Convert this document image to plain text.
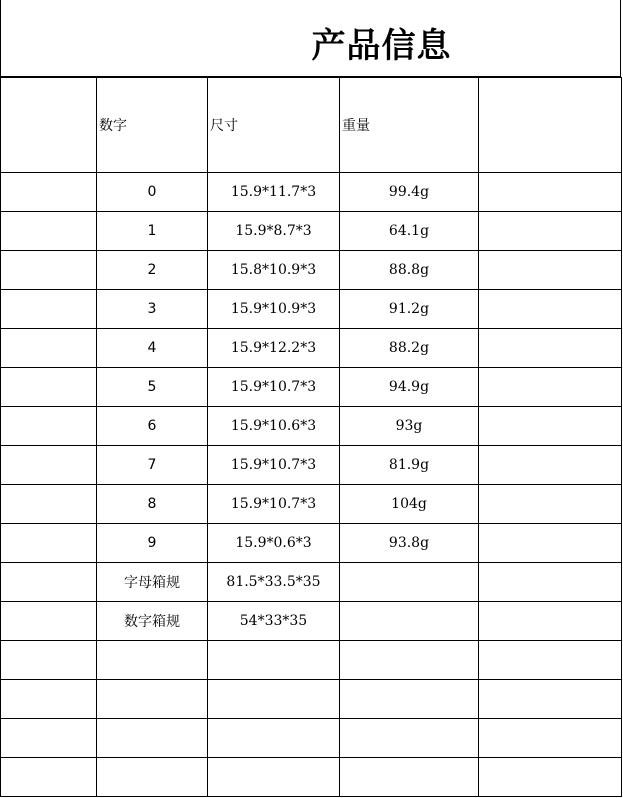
产品信息
	数字	尺寸	重量	
	0	15.9*11.7*3	99.4g	
	1	15.9*8.7*3	64.1g	
	2	15.8*10.9*3	88.8g	
	3	15.9*10.9*3	91.2g	
	4	15.9*12.2*3	88.2g	
	5	15.9*10.7*3	94.9g	
	6	15.9*10.6*3	93g	
	7	15.9*10.7*3	81.9g	
	8	15.9*10.7*3	104g	
	9	15.9*0.6*3	93.8g	
	字母箱规	81.5*33.5*35		
	数字箱规	54*33*35		
